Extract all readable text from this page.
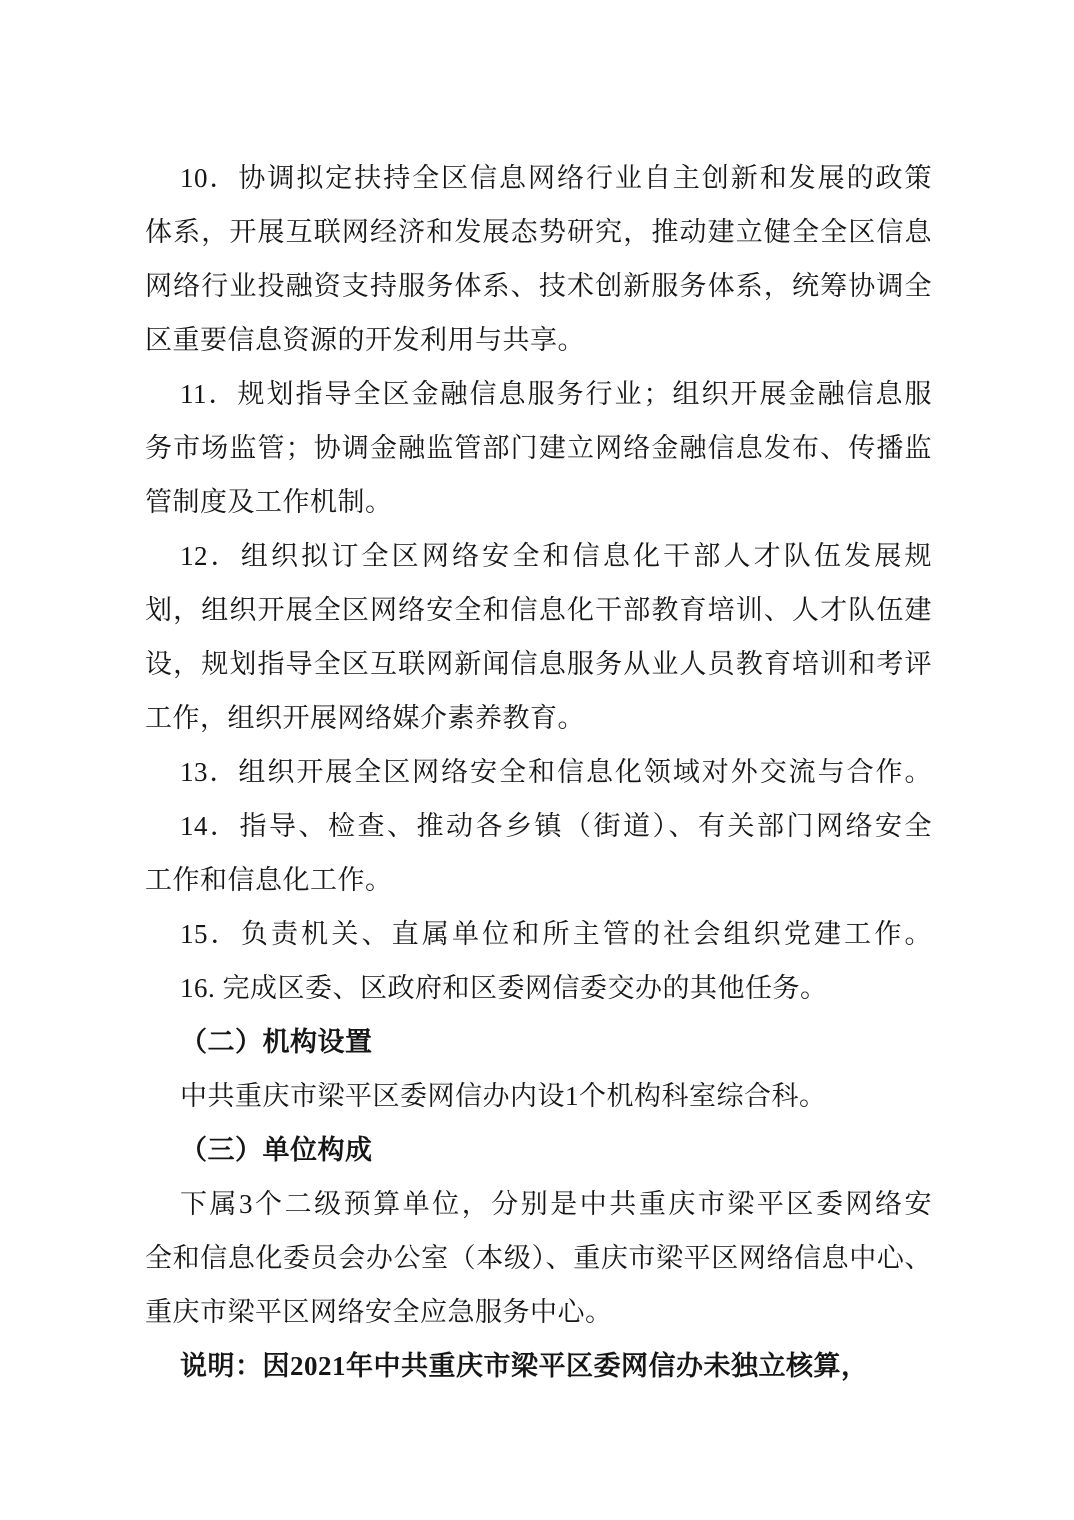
10．协调拟定扶持全区信息网络行业自主创新和发展的政策
体系，开展互联网经济和发展态势研究，推动建立健全全区信息
网络行业投融资支持服务体系、技术创新服务体系，统筹协调全
区重要信息资源的开发利用与共享。
11．规划指导全区金融信息服务行业；组织开展金融信息服
务市场监管；协调金融监管部门建立网络金融信息发布、传播监
管制度及工作机制。
12．组织拟订全区网络安全和信息化干部人才队伍发展规
划，组织开展全区网络安全和信息化干部教育培训、人才队伍建
设，规划指导全区互联网新闻信息服务从业人员教育培训和考评
工作，组织开展网络媒介素养教育。
13．组织开展全区网络安全和信息化领域对外交流与合作。
14．指导、检查、推动各乡镇（街道）、有关部门网络安全
工作和信息化工作。
15．负责机关、直属单位和所主管的社会组织党建工作。
16. 完成区委、区政府和区委网信委交办的其他任务。
（二）机构设置
中共重庆市梁平区委网信办内设1个机构科室综合科。
（三）单位构成
下属3个二级预算单位，分别是中共重庆市梁平区委网络安
全和信息化委员会办公室（本级）、重庆市梁平区网络信息中心、
重庆市梁平区网络安全应急服务中心。
说明：因2021年中共重庆市梁平区委网信办未独立核算，
